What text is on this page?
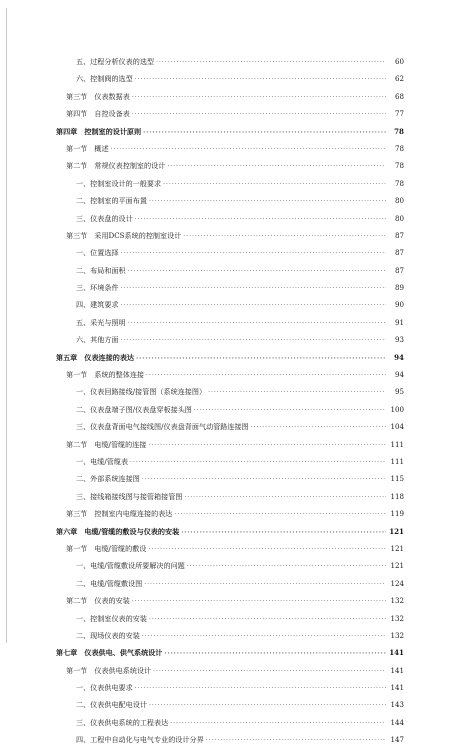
五、过程分析仪表的选型 ·····	60
六、控制阀的选型 ·····	62
第三节　仪表数据表 ·····	68
第四节　自控设备表 ·····	77
第四章　控制室的设计原则 ·····	78
第一节　概述 ·····	78
第二节　常规仪表控制室的设计 ·····	78
一、控制室设计的一般要求 ·····	78
二、控制室的平面布置 ·····	80
三、仪表盘的设计 ·····	80
第三节　采用DCS系统的控制室设计 ·····	87
一、位置选择 ·····	87
二、布局和面积 ·····	87
三、环境条件 ·····	89
四、建筑要求 ·····	90
五、采光与照明 ·····	91
六、其他方面 ·····	93
第五章　仪表连接的表达 ·····	94
第一节　系统的整体连接 ·····	94
一、仪表回路接线/接管图（系统连接图） ·····	95
二、仪表盘端子图/仪表盘穿板接头图 ·····	100
三、仪表盘背面电气接线图/仪表盘背面气动管路连接图 ·····	104
第二节　电缆/管缆的连接 ·····	111
一、电缆/管缆表 ·····	111
二、外部系统连接图 ·····	115
三、接线箱接线图与接管箱接管图 ·····	118
第三节　控制室内电缆连接的表达 ·····	119
第六章　电缆/管缆的敷设与仪表的安装 ·····	121
第一节　电缆/管缆的敷设 ·····	121
一、电缆/管缆敷设所要解决的问题 ·····	121
二、电缆/管缆敷设图 ·····	124
第二节　仪表的安装 ·····	132
一、控制室仪表的安装 ·····	132
二、现场仪表的安装 ·····	132
第七章　仪表供电、供气系统设计 ·····	141
第一节　仪表供电系统设计 ·····	141
一、仪表供电要求 ·····	141
二、仪表供电配电设计 ·····	143
三、仪表供电系统的工程表达 ·····	144
四、工程中自动化与电气专业的设计分界 ·····	147
